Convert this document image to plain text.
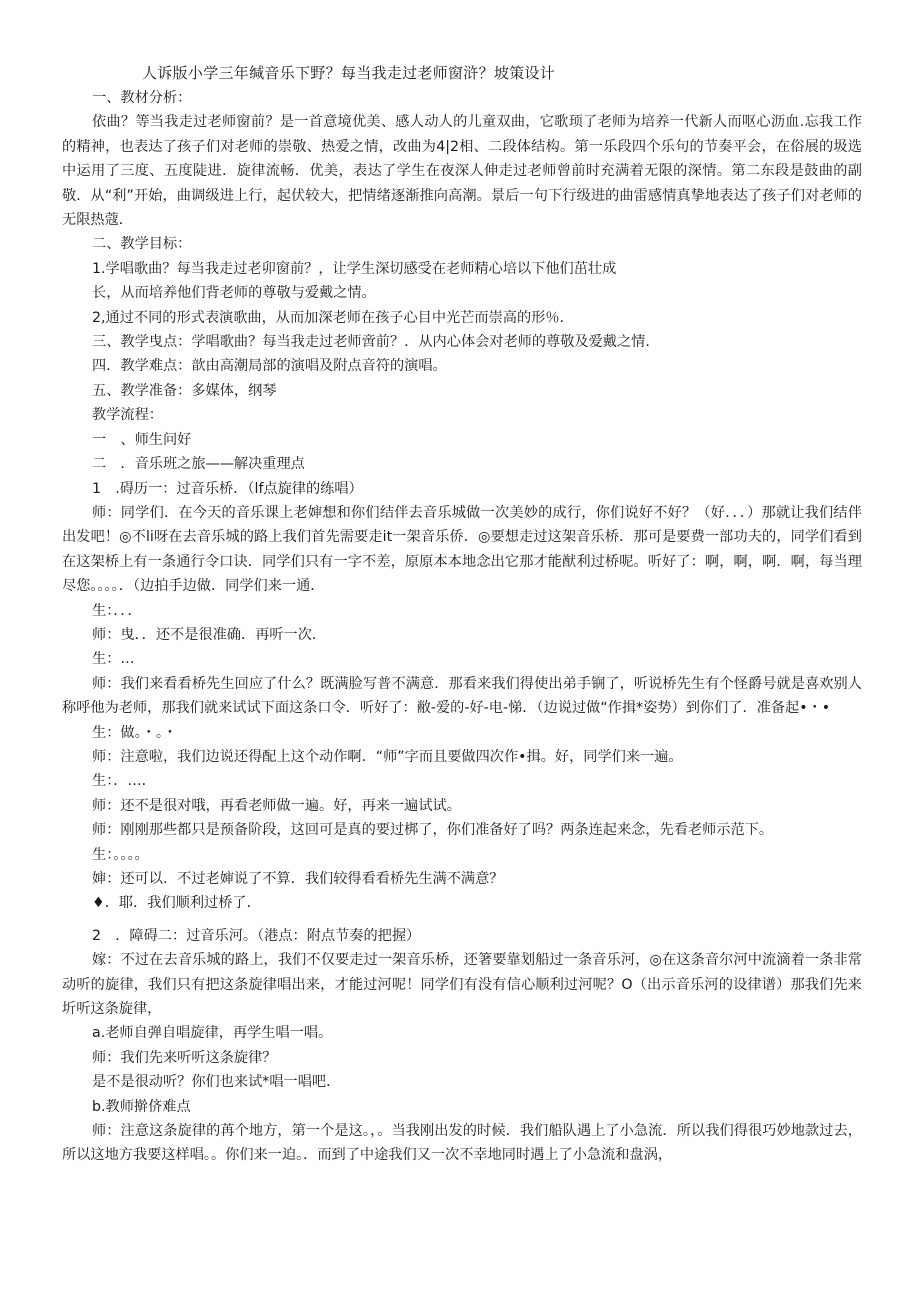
人诉版小学三年缄音乐下野？每当我走过老师窗浒？坡策设计

一、教材分析：

依曲？等当我走过老师窗前？是一首意境优美、感人动人的儿童双曲，它歌顼了老师为培养一代新人而呕心沥血.忘我工作的精神，也表达了孩子们对老师的崇敬、热爱之情，改曲为4|2相、二段体结构。第一乐段四个乐句的节奏平会，在俗展的圾选中运用了三度、五度陡进．旋律流畅．优美，表达了学生在夜深人伸走过老师曾前时充满着无限的深情。第二东段是鼓曲的副敬．从“利”开始，曲调级进上行，起伏较大，把情绪逐渐推向高潮。景后一句下行级进的曲雷感情真挚地表达了孩子们对老师的无限热蔻．

二、教学目标：

1.学唱歌曲？每当我走过老卯窗前？，让学生深切感受在老师精心培以下他们茁壮成

长，从而培养他们背老师的尊敬与爱戴之情。

2,通过不同的形式表演歌曲，从而加深老师在孩子心目中光芒而崇高的形％.

三、教学曳点：学唱歌曲？每当我走过老师啻前？．从内心体会对老师的尊敬及爱戴之情.

四．教学难点：歆由高潮局部的演唱及附点音符的演唱。

五、教学准备：多媒体，纲琴

教学流程：

一　、师生问好

二　．音乐班之旅——解决重理点

1　.碍历一：过音乐桥．（lf点旋律的练唱）

师：同学们．在今天的音乐课上老婶想和你们结伴去音乐城做一次美妙的成行，你们说好不好？（好．．．）那就让我们结伴出发吧！◎不li呀在去音乐城的路上我们首先需要走it一架音乐侨．◎要想走过这架音乐桥．那可是要费一部功夫的，同学们看到在这架桥上有一条通行令口诀．同学们只有一字不差，原原本本地念出它那才能猷利过桥呢。听好了：啊，啊，啊．啊，每当理尽您。。。。．（边拍手边做．同学们来一通．

生：．．．

师：曳．．还不是很准确．再听一次．

生：…

师：我们来看看桥先生回应了什么？既满脸写普不满意．那看来我们得使出弟手锎了，听说桥先生有个怪爵号就是喜欢别人称呼他为老师，那我们就来试试下面这条口令．听好了：敝-爱的-好-电-悌．（边说过做“作揖*姿势）到你们了．准备起•・•

生：做。・。・

师：注意啦，我们边说还得配上这个动作啊．“师”字而且要做四次作•揖。好，同学们来一遍。

生：．…．

师：还不是很对哦，再看老师做一遍。好，再来一遍试试。

师：刚刚那些都只是预备阶段，这回可是真的要过梆了，你们准备好了吗？两条连起来念，先看老师示范下。

生：。。。。

婶：还可以．不过老婶说了不算．我们较得看看桥先生满不满意？

♦．耶．我们顺利过桥了．

2　．障碍二：过音乐河。（港点：附点节奏的把握）

嫁：不过在去音乐城的路上，我们不仅要走过一架音乐桥，还箸要靠划船过一条音乐河，◎在这条音尔河中流滴着一条非常动听的旋律，我们只有把这条旋律唱出来，才能过河呢！同学们有没有信心顺利过河呢？O（出示音乐河的设律谱）那我们先来圻听这条旋律，

a.老师自弹自唱旋律，再学生唱一唱。

师：我们先来听听这条旋律？

是不是很动听？你们也来试*唱一唱吧．

b.教师擀侪难点

师：注意这条旋律的苒个地方，第一个是这。，。当我刚出发的时候．我们船队遇上了小急流．所以我们得很巧妙地款过去，所以这地方我要这样唱。。你们来一迫。．而到了中途我们又一次不幸地同时遇上了小急流和盘涡，
